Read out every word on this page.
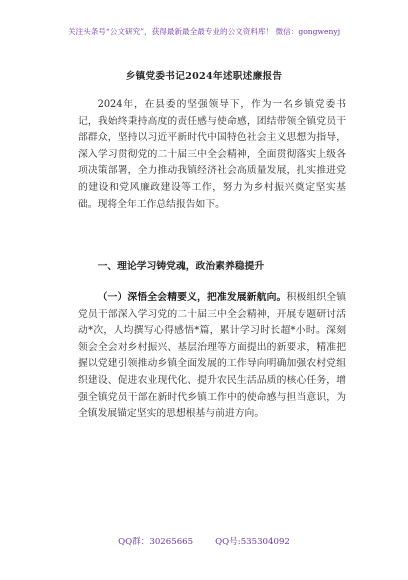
关注头条号“公文研究”，获得最新最全最专业的公文资料库！ 微信：gongwenyj
乡镇党委书记2024年述职述廉报告

2024年，在县委的坚强领导下，作为一名乡镇党委书记，我始终秉持高度的责任感与使命感，团结带领全镇党员干部群众，坚持以习近平新时代中国特色社会主义思想为指导，深入学习贯彻党的二十届三中全会精神，全面贯彻落实上级各项决策部署，全力推动我镇经济社会高质量发展，扎实推进党的建设和党风廉政建设等工作，努力为乡村振兴奠定坚实基础。现将全年工作总结报告如下。

一、理论学习铸党魂，政治素养稳提升

（一）深悟全会精要义，把准发展新航向。积极组织全镇党员干部深入学习党的二十届三中全会精神，开展专题研讨活动*次，人均撰写心得感悟*篇，累计学习时长超*小时。深刻领会全会对乡村振兴、基层治理等方面提出的新要求，精准把握以党建引领推动乡镇全面发展的工作导向明确加强农村党组织建设、促进农业现代化、提升农民生活品质的核心任务，增强全镇党员干部在新时代乡镇工作中的使命感与担当意识，为全镇发展锚定坚实的思想根基与前进方向。

QQ群：30265665	QQ号:535304092
